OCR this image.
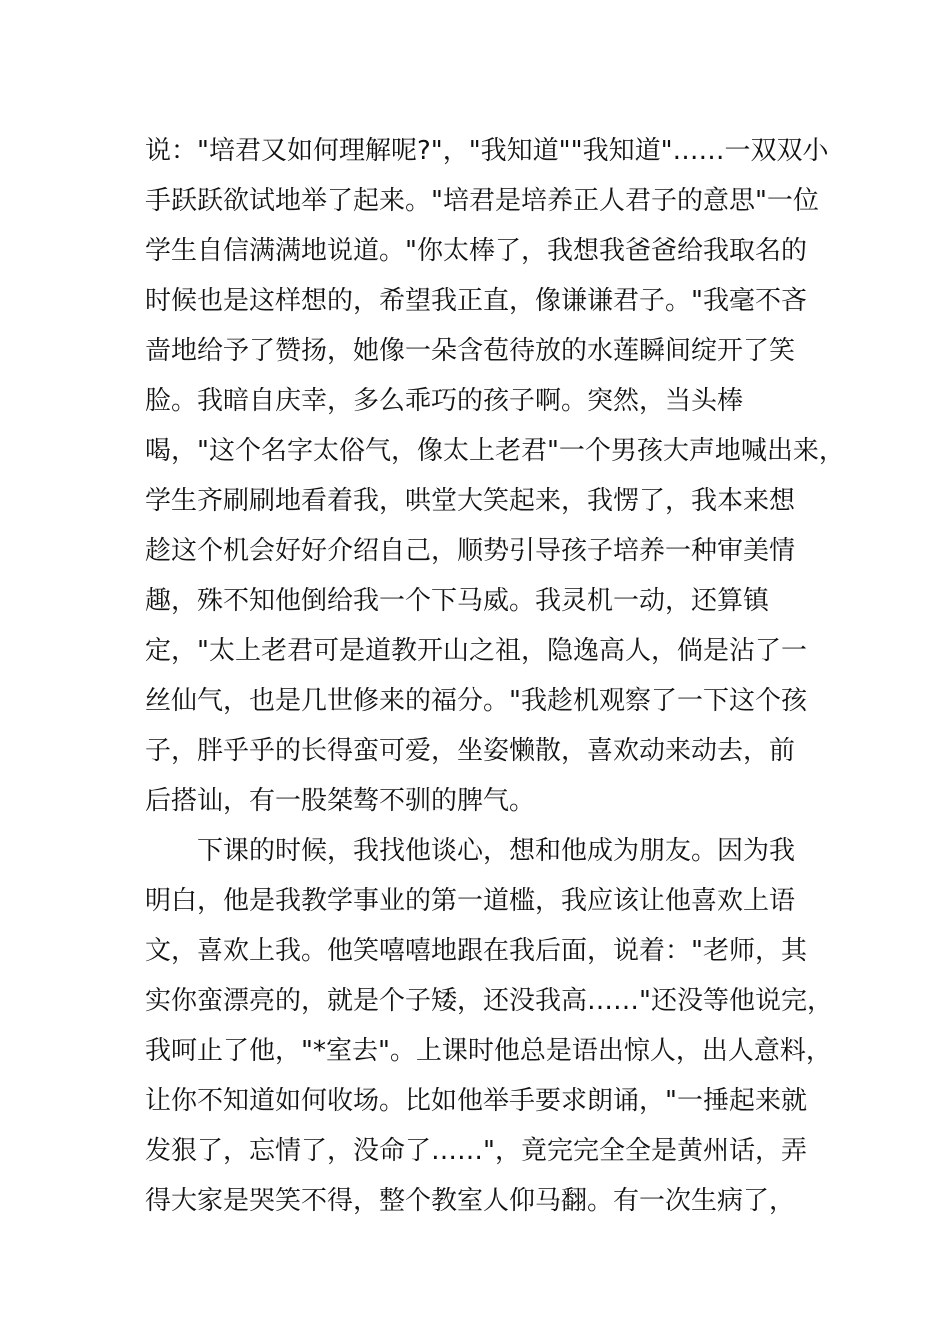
说："培君又如何理解呢?"，"我知道""我知道"……一双双小
手跃跃欲试地举了起来。"培君是培养正人君子的意思"一位
学生自信满满地说道。"你太棒了，我想我爸爸给我取名的
时候也是这样想的，希望我正直，像谦谦君子。"我毫不吝
啬地给予了赞扬，她像一朵含苞待放的水莲瞬间绽开了笑
脸。我暗自庆幸，多么乖巧的孩子啊。突然，当头棒
喝，"这个名字太俗气，像太上老君"一个男孩大声地喊出来，
学生齐刷刷地看着我，哄堂大笑起来，我愣了，我本来想
趁这个机会好好介绍自己，顺势引导孩子培养一种审美情
趣，殊不知他倒给我一个下马威。我灵机一动，还算镇
定，"太上老君可是道教开山之祖，隐逸高人，倘是沾了一
丝仙气，也是几世修来的福分。"我趁机观察了一下这个孩
子，胖乎乎的长得蛮可爱，坐姿懒散，喜欢动来动去，前
后搭讪，有一股桀骜不驯的脾气。
　　下课的时候，我找他谈心，想和他成为朋友。因为我
明白，他是我教学事业的第一道槛，我应该让他喜欢上语
文，喜欢上我。他笑嘻嘻地跟在我后面，说着："老师，其
实你蛮漂亮的，就是个子矮，还没我高……"还没等他说完，
我呵止了他，"*室去"。上课时他总是语出惊人，出人意料，
让你不知道如何收场。比如他举手要求朗诵，"一捶起来就
发狠了，忘情了，没命了……"，竟完完全全是黄州话，弄
得大家是哭笑不得，整个教室人仰马翻。有一次生病了，
